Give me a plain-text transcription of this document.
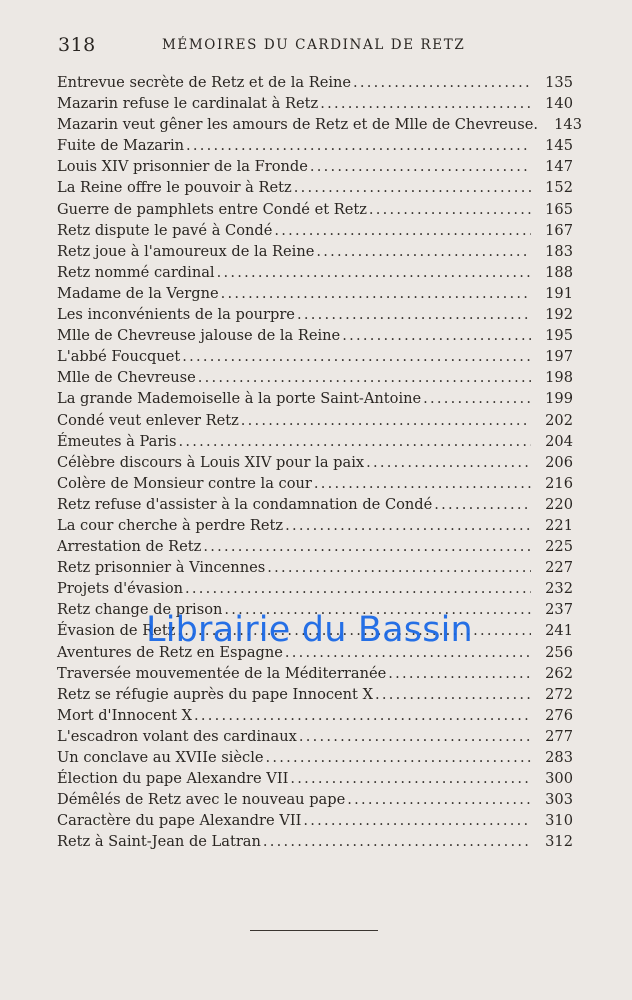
318	MÉMOIRES DU CARDINAL DE RETZ
Entrevue secrète de Retz et de la Reine . . .	135
Mazarin refuse le cardinalat à Retz . . .	140
Mazarin veut gêner les amours de Retz et de Mlle de Chevreuse.	143
Fuite de Mazarin . . .	145
Louis XIV prisonnier de la Fronde . . .	147
La Reine offre le pouvoir à Retz . . .	152
Guerre de pamphlets entre Condé et Retz . . .	165
Retz dispute le pavé à Condé . . .	167
Retz joue à l'amoureux de la Reine . . .	183
Retz nommé cardinal . . .	188
Madame de la Vergne . . .	191
Les inconvénients de la pourpre . . .	192
Mlle de Chevreuse jalouse de la Reine . . .	195
L'abbé Foucquet . . .	197
Mlle de Chevreuse . . .	198
La grande Mademoiselle à la porte Saint-Antoine . . .	199
Condé veut enlever Retz . . .	202
Émeutes à Paris . . .	204
Célèbre discours à Louis XIV pour la paix . . .	206
Colère de Monsieur contre la cour . . .	216
Retz refuse d'assister à la condamnation de Condé . . .	220
La cour cherche à perdre Retz . . .	221
Arrestation de Retz . . .	225
Retz prisonnier à Vincennes . . .	227
Projets d'évasion . . .	232
Retz change de prison . . .	237
Évasion de Retz . . .	241
Aventures de Retz en Espagne . . .	256
Traversée mouvementée de la Méditerranée . . .	262
Retz se réfugie auprès du pape Innocent X . . .	272
Mort d'Innocent X . . .	276
L'escadron volant des cardinaux . . .	277
Un conclave au XVIIe siècle . . .	283
Élection du pape Alexandre VII . . .	300
Démêlés de Retz avec le nouveau pape . . .	303
Caractère du pape Alexandre VII . . .	310
Retz à Saint-Jean de Latran . . .	312
Librairie du Bassin
